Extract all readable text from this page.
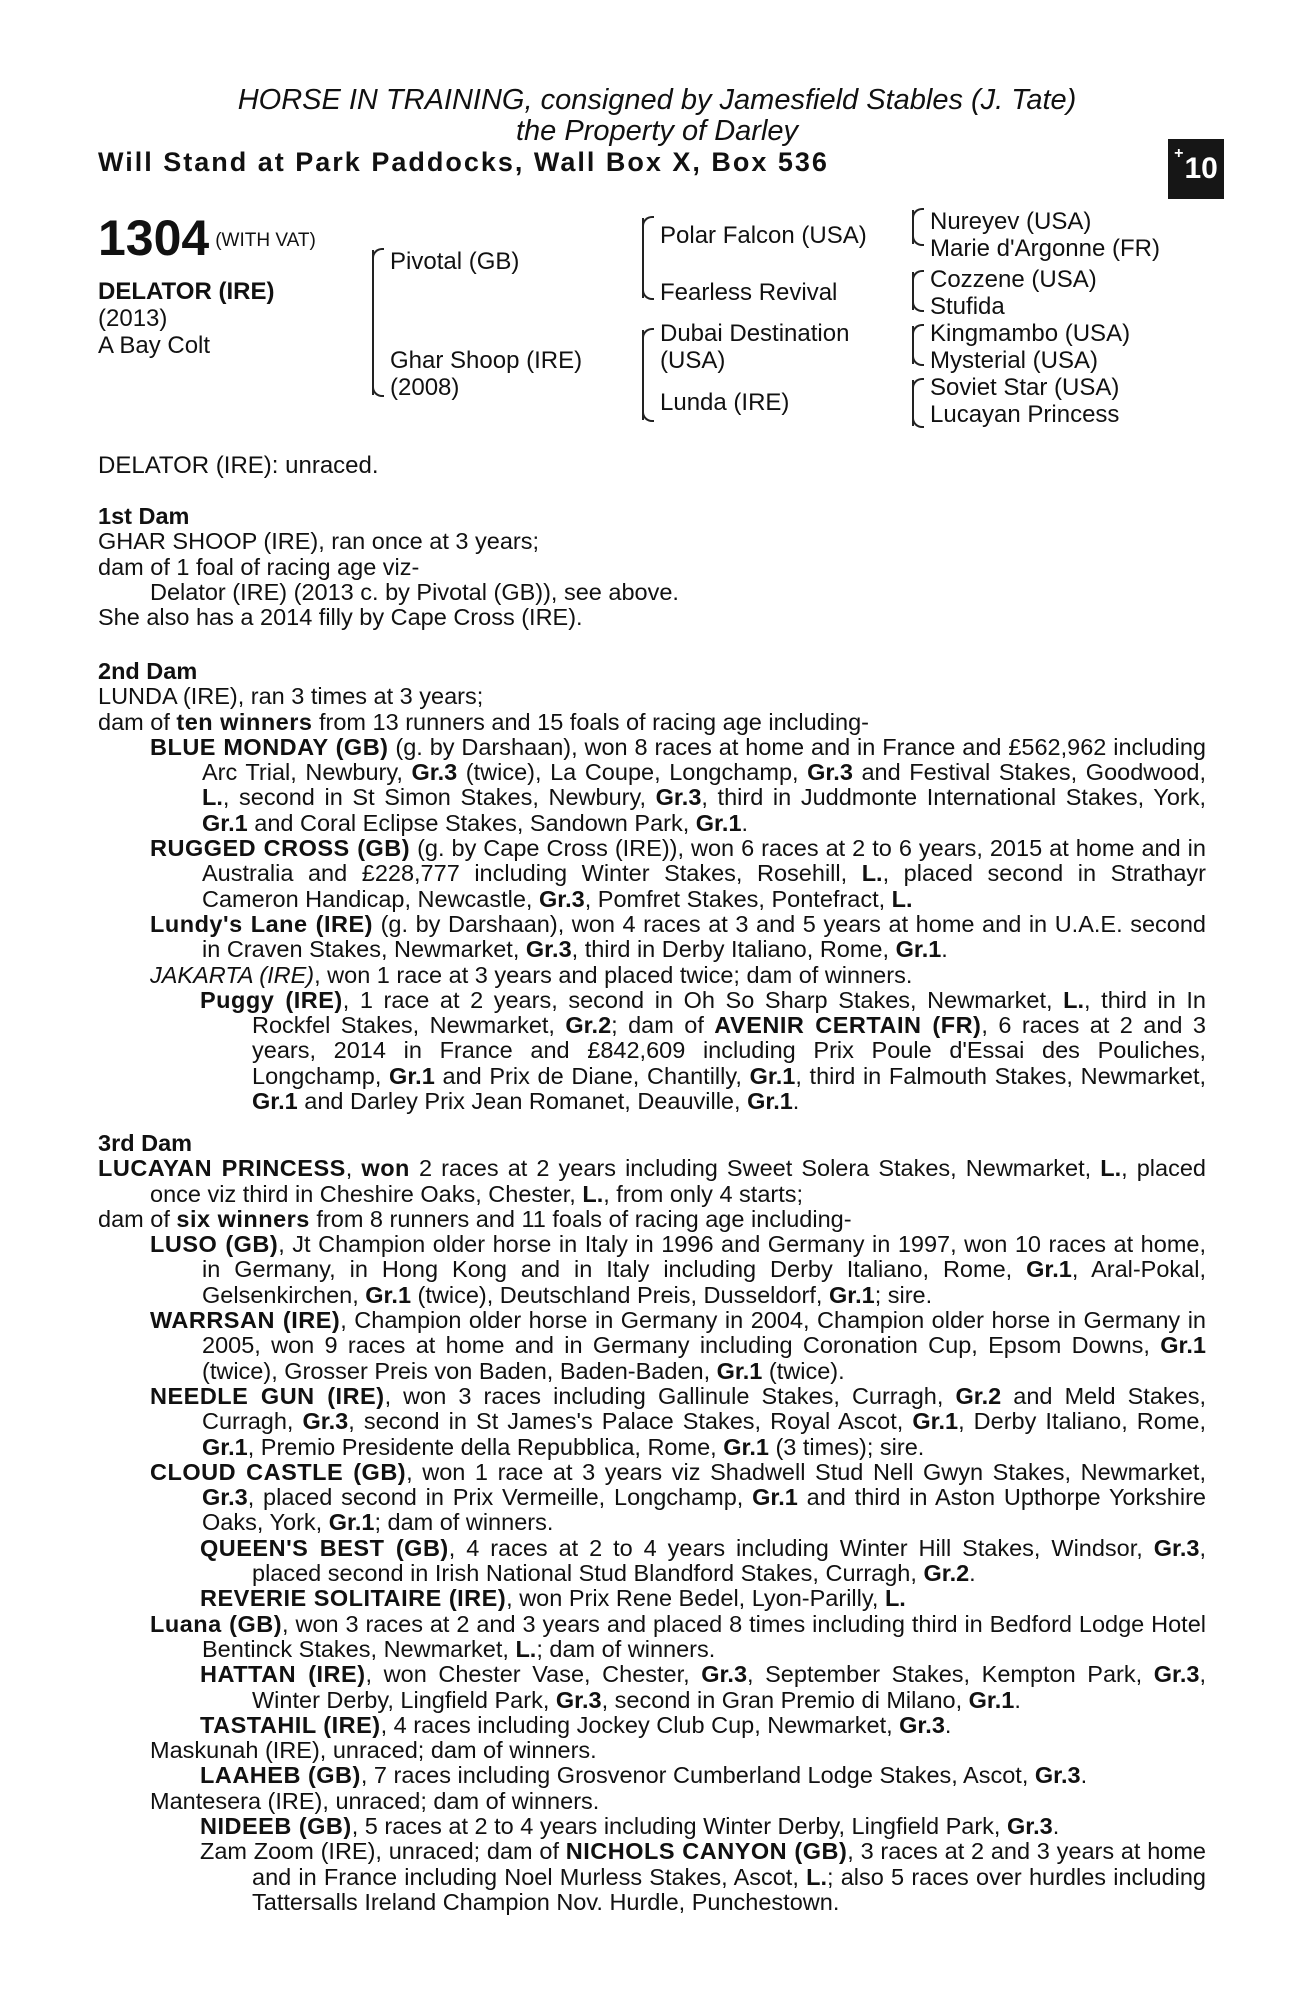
HORSE IN TRAINING, consigned by Jamesfield Stables (J. Tate)
the Property of Darley
Will Stand at Park Paddocks, Wall Box X, Box 536	+ 10
1304 (WITH VAT)
DELATOR (IRE)
(2013)
A Bay Colt
Pivotal (GB)
Ghar Shoop (IRE)
(2008)
Polar Falcon (USA)
Fearless Revival
Dubai Destination
(USA)
Lunda (IRE)
Nureyev (USA)
Marie d'Argonne (FR)
Cozzene (USA)
Stufida
Kingmambo (USA)
Mysterial (USA)
Soviet Star (USA)
Lucayan Princess

DELATOR (IRE): unraced.

1st Dam

GHAR SHOOP (IRE), ran once at 3 years;

dam of 1 foal of racing age viz-

Delator (IRE) (2013 c. by Pivotal (GB)), see above.

She also has a 2014 filly by Cape Cross (IRE).

2nd Dam

LUNDA (IRE), ran 3 times at 3 years;

dam of ten winners from 13 runners and 15 foals of racing age including-

BLUE MONDAY (GB) (g. by Darshaan), won 8 races at home and in France and £562,962 including Arc Trial, Newbury, Gr.3 (twice), La Coupe, Longchamp, Gr.3 and Festival Stakes, Goodwood, L., second in St Simon Stakes, Newbury, Gr.3, third in Juddmonte International Stakes, York, Gr.1 and Coral Eclipse Stakes, Sandown Park, Gr.1.

RUGGED CROSS (GB) (g. by Cape Cross (IRE)), won 6 races at 2 to 6 years, 2015 at home and in Australia and £228,777 including Winter Stakes, Rosehill, L., placed second in Strathayr Cameron Handicap, Newcastle, Gr.3, Pomfret Stakes, Pontefract, L.

Lundy's Lane (IRE) (g. by Darshaan), won 4 races at 3 and 5 years at home and in U.A.E. second in Craven Stakes, Newmarket, Gr.3, third in Derby Italiano, Rome, Gr.1.

JAKARTA (IRE), won 1 race at 3 years and placed twice; dam of winners.

Puggy (IRE), 1 race at 2 years, second in Oh So Sharp Stakes, Newmarket, L., third in In Rockfel Stakes, Newmarket, Gr.2; dam of AVENIR CERTAIN (FR), 6 races at 2 and 3 years, 2014 in France and £842,609 including Prix Poule d'Essai des Pouliches, Longchamp, Gr.1 and Prix de Diane, Chantilly, Gr.1, third in Falmouth Stakes, Newmarket, Gr.1 and Darley Prix Jean Romanet, Deauville, Gr.1.

3rd Dam

LUCAYAN PRINCESS, won 2 races at 2 years including Sweet Solera Stakes, Newmarket, L., placed once viz third in Cheshire Oaks, Chester, L., from only 4 starts;

dam of six winners from 8 runners and 11 foals of racing age including-

LUSO (GB), Jt Champion older horse in Italy in 1996 and Germany in 1997, won 10 races at home, in Germany, in Hong Kong and in Italy including Derby Italiano, Rome, Gr.1, Aral-Pokal, Gelsenkirchen, Gr.1 (twice), Deutschland Preis, Dusseldorf, Gr.1; sire.

WARRSAN (IRE), Champion older horse in Germany in 2004, Champion older horse in Germany in 2005, won 9 races at home and in Germany including Coronation Cup, Epsom Downs, Gr.1 (twice), Grosser Preis von Baden, Baden-Baden, Gr.1 (twice).

NEEDLE GUN (IRE), won 3 races including Gallinule Stakes, Curragh, Gr.2 and Meld Stakes, Curragh, Gr.3, second in St James's Palace Stakes, Royal Ascot, Gr.1, Derby Italiano, Rome, Gr.1, Premio Presidente della Repubblica, Rome, Gr.1 (3 times); sire.

CLOUD CASTLE (GB), won 1 race at 3 years viz Shadwell Stud Nell Gwyn Stakes, Newmarket, Gr.3, placed second in Prix Vermeille, Longchamp, Gr.1 and third in Aston Upthorpe Yorkshire Oaks, York, Gr.1; dam of winners.

QUEEN'S BEST (GB), 4 races at 2 to 4 years including Winter Hill Stakes, Windsor, Gr.3, placed second in Irish National Stud Blandford Stakes, Curragh, Gr.2.

REVERIE SOLITAIRE (IRE), won Prix Rene Bedel, Lyon-Parilly, L.

Luana (GB), won 3 races at 2 and 3 years and placed 8 times including third in Bedford Lodge Hotel Bentinck Stakes, Newmarket, L.; dam of winners.

HATTAN (IRE), won Chester Vase, Chester, Gr.3, September Stakes, Kempton Park, Gr.3, Winter Derby, Lingfield Park, Gr.3, second in Gran Premio di Milano, Gr.1.

TASTAHIL (IRE), 4 races including Jockey Club Cup, Newmarket, Gr.3.

Maskunah (IRE), unraced; dam of winners.

LAAHEB (GB), 7 races including Grosvenor Cumberland Lodge Stakes, Ascot, Gr.3.

Mantesera (IRE), unraced; dam of winners.

NIDEEB (GB), 5 races at 2 to 4 years including Winter Derby, Lingfield Park, Gr.3.

Zam Zoom (IRE), unraced; dam of NICHOLS CANYON (GB), 3 races at 2 and 3 years at home and in France including Noel Murless Stakes, Ascot, L.; also 5 races over hurdles including Tattersalls Ireland Champion Nov. Hurdle, Punchestown.
